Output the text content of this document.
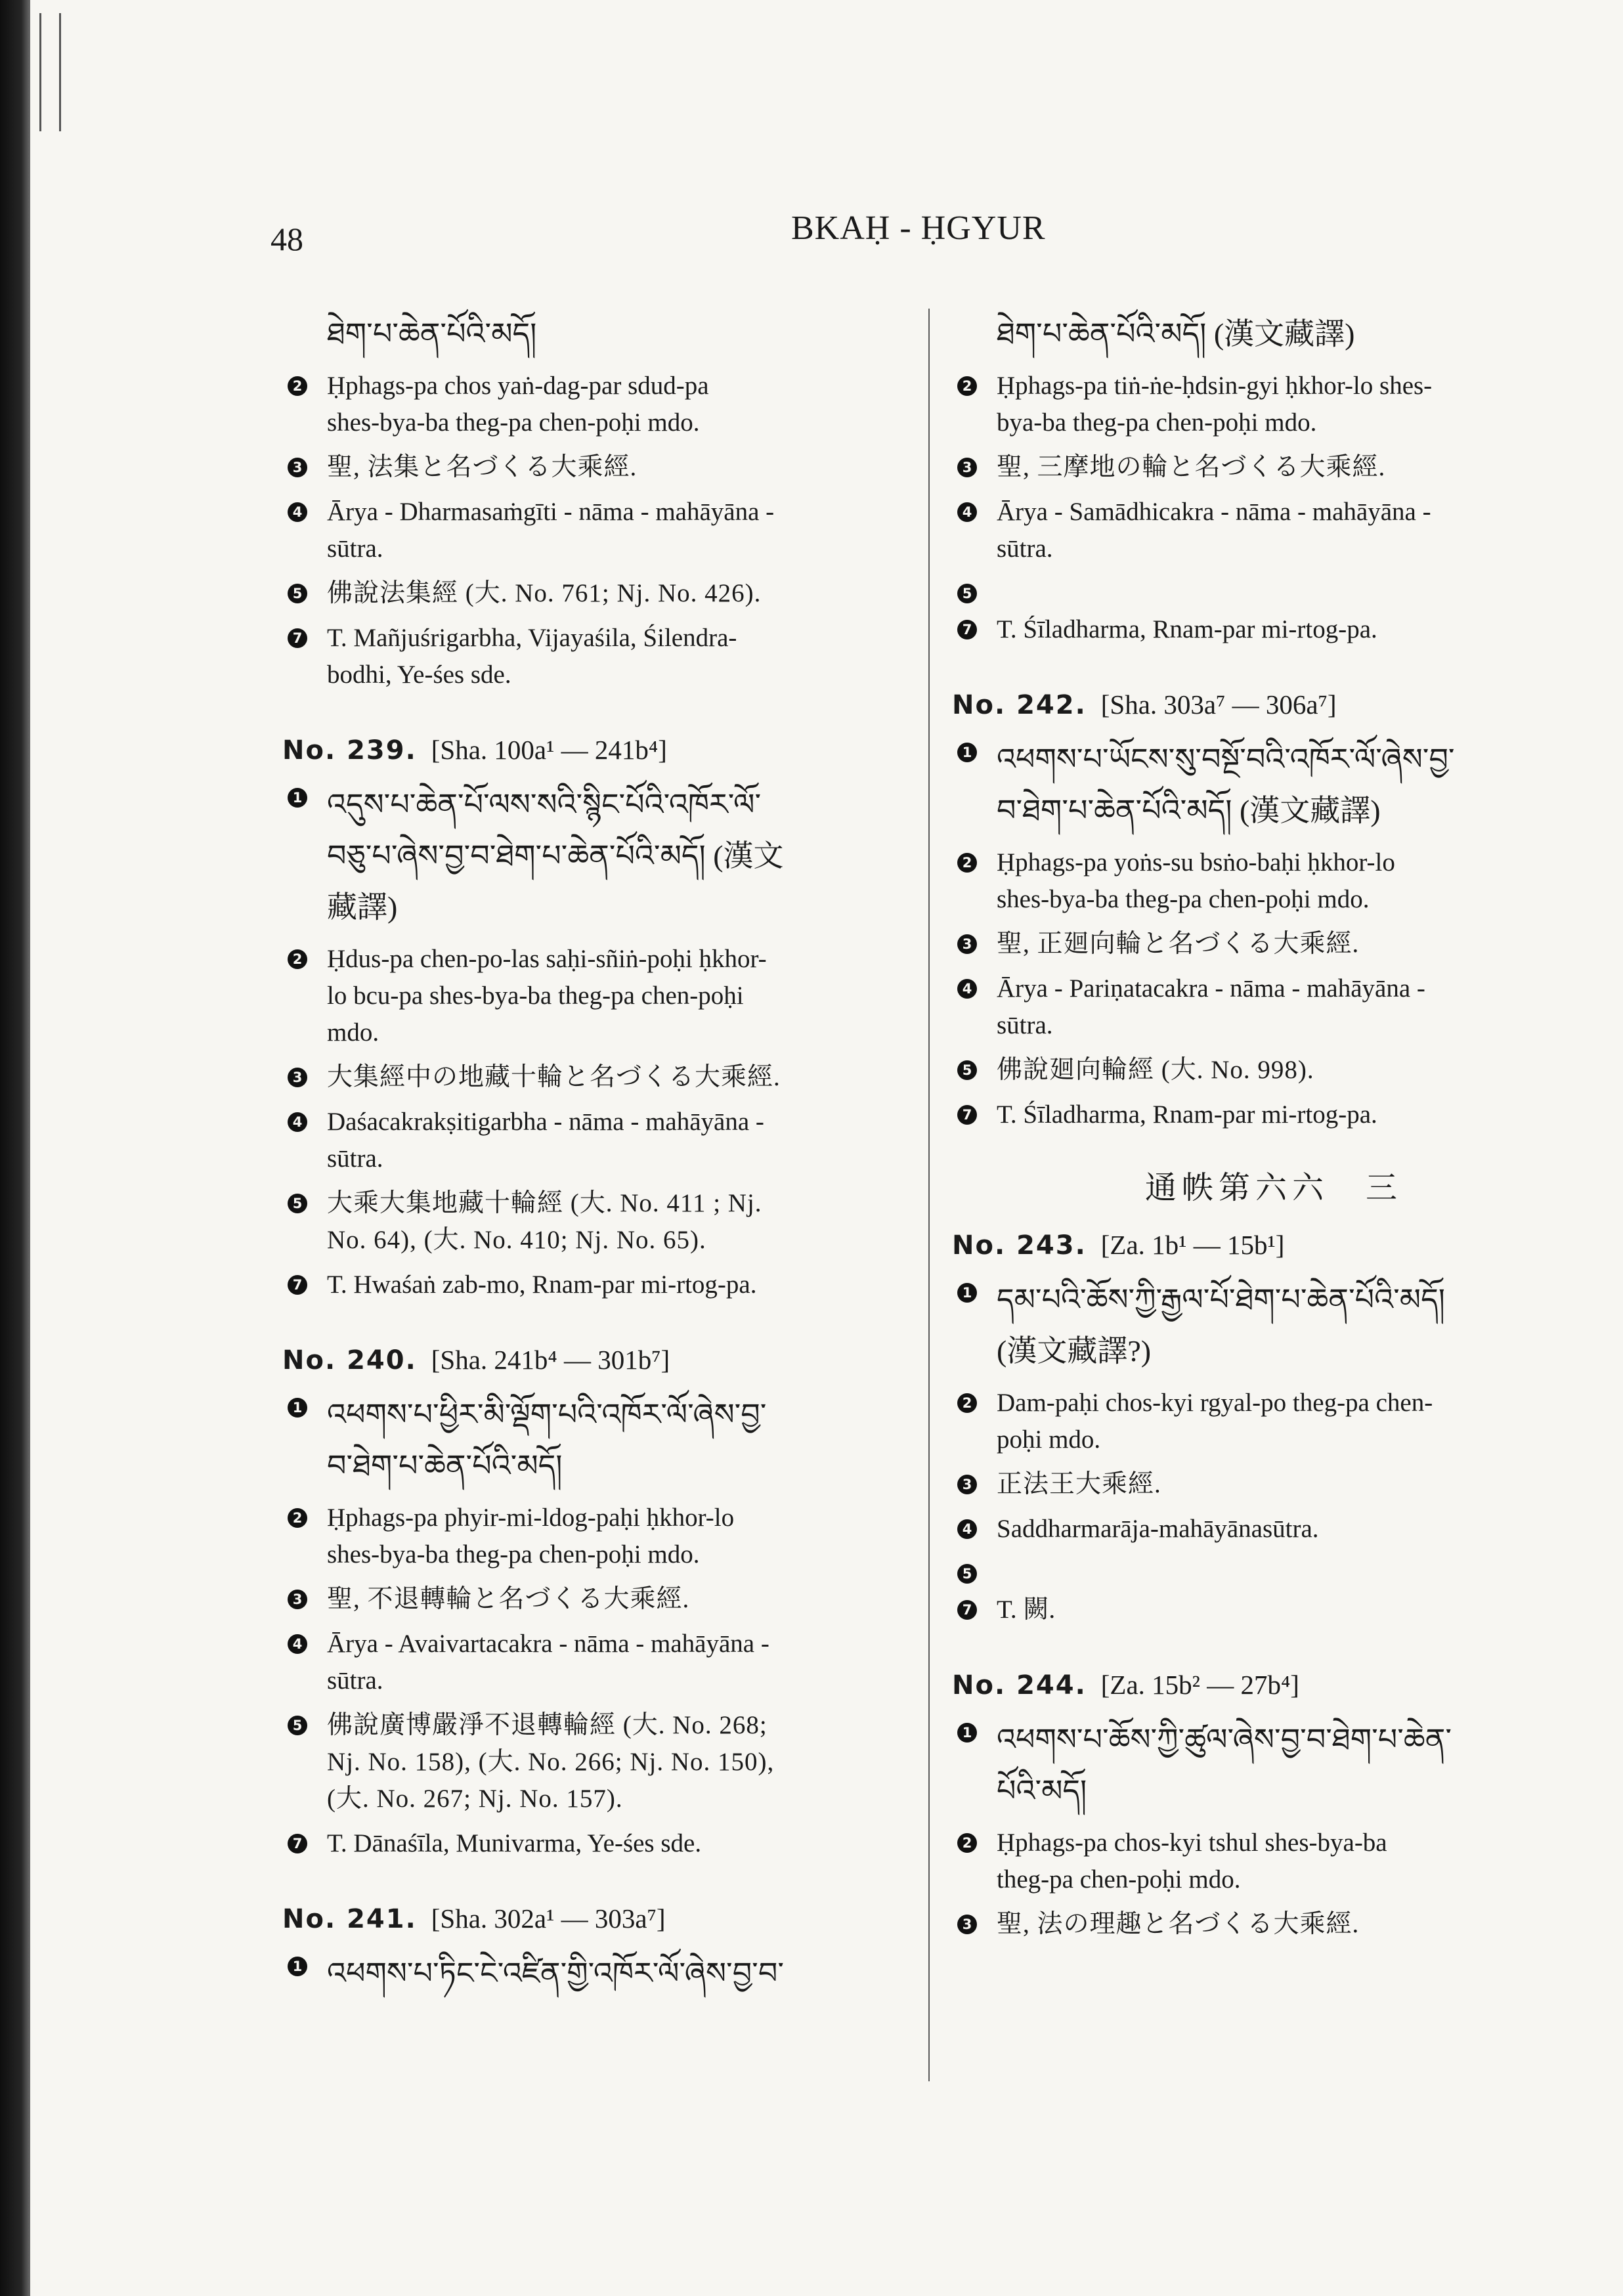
48	BKAḤ - ḤGYUR
ཐེག་པ་ཆེན་པོའི་མདོ།
2 Ḥphags-pa chos yaṅ-dag-par sdud-pa
shes-bya-ba theg-pa chen-poḥi mdo.
3 聖, 法集と名づくる大乘經.
4 Ārya - Dharmasaṁgīti - nāma - mahāyāna -
sūtra.
5 佛說法集經 (大. No. 761; Nj. No. 426).
7 T. Mañjuśrigarbha, Vijayaśila, Śilendra-
bodhi, Ye-śes sde.
No. 239. [Sha. 100a¹ — 241b⁴]
1 འདུས་པ་ཆེན་པོ་ལས་སའི་སྙིང་པོའི་འཁོར་ལོ་
བཅུ་པ་ཞེས་བྱ་བ་ཐེག་པ་ཆེན་པོའི་མདོ། (漢文
藏譯)
2 Ḥdus-pa chen-po-las saḥi-sñiṅ-poḥi ḥkhor-
lo bcu-pa shes-bya-ba theg-pa chen-poḥi
mdo.
3 大集經中の地藏十輪と名づくる大乘經.
4 Daśacakrakṣitigarbha - nāma - mahāyāna -
sūtra.
5 大乘大集地藏十輪經 (大. No. 411 ; Nj.
No. 64), (大. No. 410; Nj. No. 65).
7 T. Hwaśaṅ zab-mo, Rnam-par mi-rtog-pa.
No. 240. [Sha. 241b⁴ — 301b⁷]
1 འཕགས་པ་ཕྱིར་མི་ལྡོག་པའི་འཁོར་ལོ་ཞེས་བྱ་
བ་ཐེག་པ་ཆེན་པོའི་མདོ།
2 Ḥphags-pa phyir-mi-ldog-paḥi ḥkhor-lo
shes-bya-ba theg-pa chen-poḥi mdo.
3 聖, 不退轉輪と名づくる大乘經.
4 Ārya - Avaivartacakra - nāma - mahāyāna -
sūtra.
5 佛說廣博嚴淨不退轉輪經 (大. No. 268;
Nj. No. 158), (大. No. 266; Nj. No. 150),
(大. No. 267; Nj. No. 157).
7 T. Dānaśīla, Munivarma, Ye-śes sde.
No. 241. [Sha. 302a¹ — 303a⁷]
1 འཕགས་པ་ཏིང་ངེ་འཛིན་གྱི་འཁོར་ལོ་ཞེས་བྱ་བ་
ཐེག་པ་ཆེན་པོའི་མདོ། (漢文藏譯)
2 Ḥphags-pa tiṅ-ṅe-ḥdsin-gyi ḥkhor-lo shes-
bya-ba theg-pa chen-poḥi mdo.
3 聖, 三摩地の輪と名づくる大乘經.
4 Ārya - Samādhicakra - nāma - mahāyāna -
sūtra.
5
7 T. Śīladharma, Rnam-par mi-rtog-pa.
No. 242. [Sha. 303a⁷ — 306a⁷]
1 འཕགས་པ་ཡོངས་སུ་བསྔོ་བའི་འཁོར་ལོ་ཞེས་བྱ་
བ་ཐེག་པ་ཆེན་པོའི་མདོ། (漢文藏譯)
2 Ḥphags-pa yoṅs-su bsṅo-baḥi ḥkhor-lo
shes-bya-ba theg-pa chen-poḥi mdo.
3 聖, 正廻向輪と名づくる大乘經.
4 Ārya - Pariṇatacakra - nāma - mahāyāna -
sūtra.
5 佛說廻向輪經 (大. No. 998).
7 T. Śīladharma, Rnam-par mi-rtog-pa.
通帙第六六　三
No. 243. [Za. 1b¹ — 15b¹]
1 དམ་པའི་ཆོས་ཀྱི་རྒྱལ་པོ་ཐེག་པ་ཆེན་པོའི་མདོ།
(漢文藏譯?)
2 Dam-paḥi chos-kyi rgyal-po theg-pa chen-
poḥi mdo.
3 正法王大乘經.
4 Saddharmarāja-mahāyānasūtra.
5
7 T. 闕.
No. 244. [Za. 15b² — 27b⁴]
1 འཕགས་པ་ཆོས་ཀྱི་ཚུལ་ཞེས་བྱ་བ་ཐེག་པ་ཆེན་
པོའི་མདོ།
2 Ḥphags-pa chos-kyi tshul shes-bya-ba
theg-pa chen-poḥi mdo.
3 聖, 法の理趣と名づくる大乘經.
